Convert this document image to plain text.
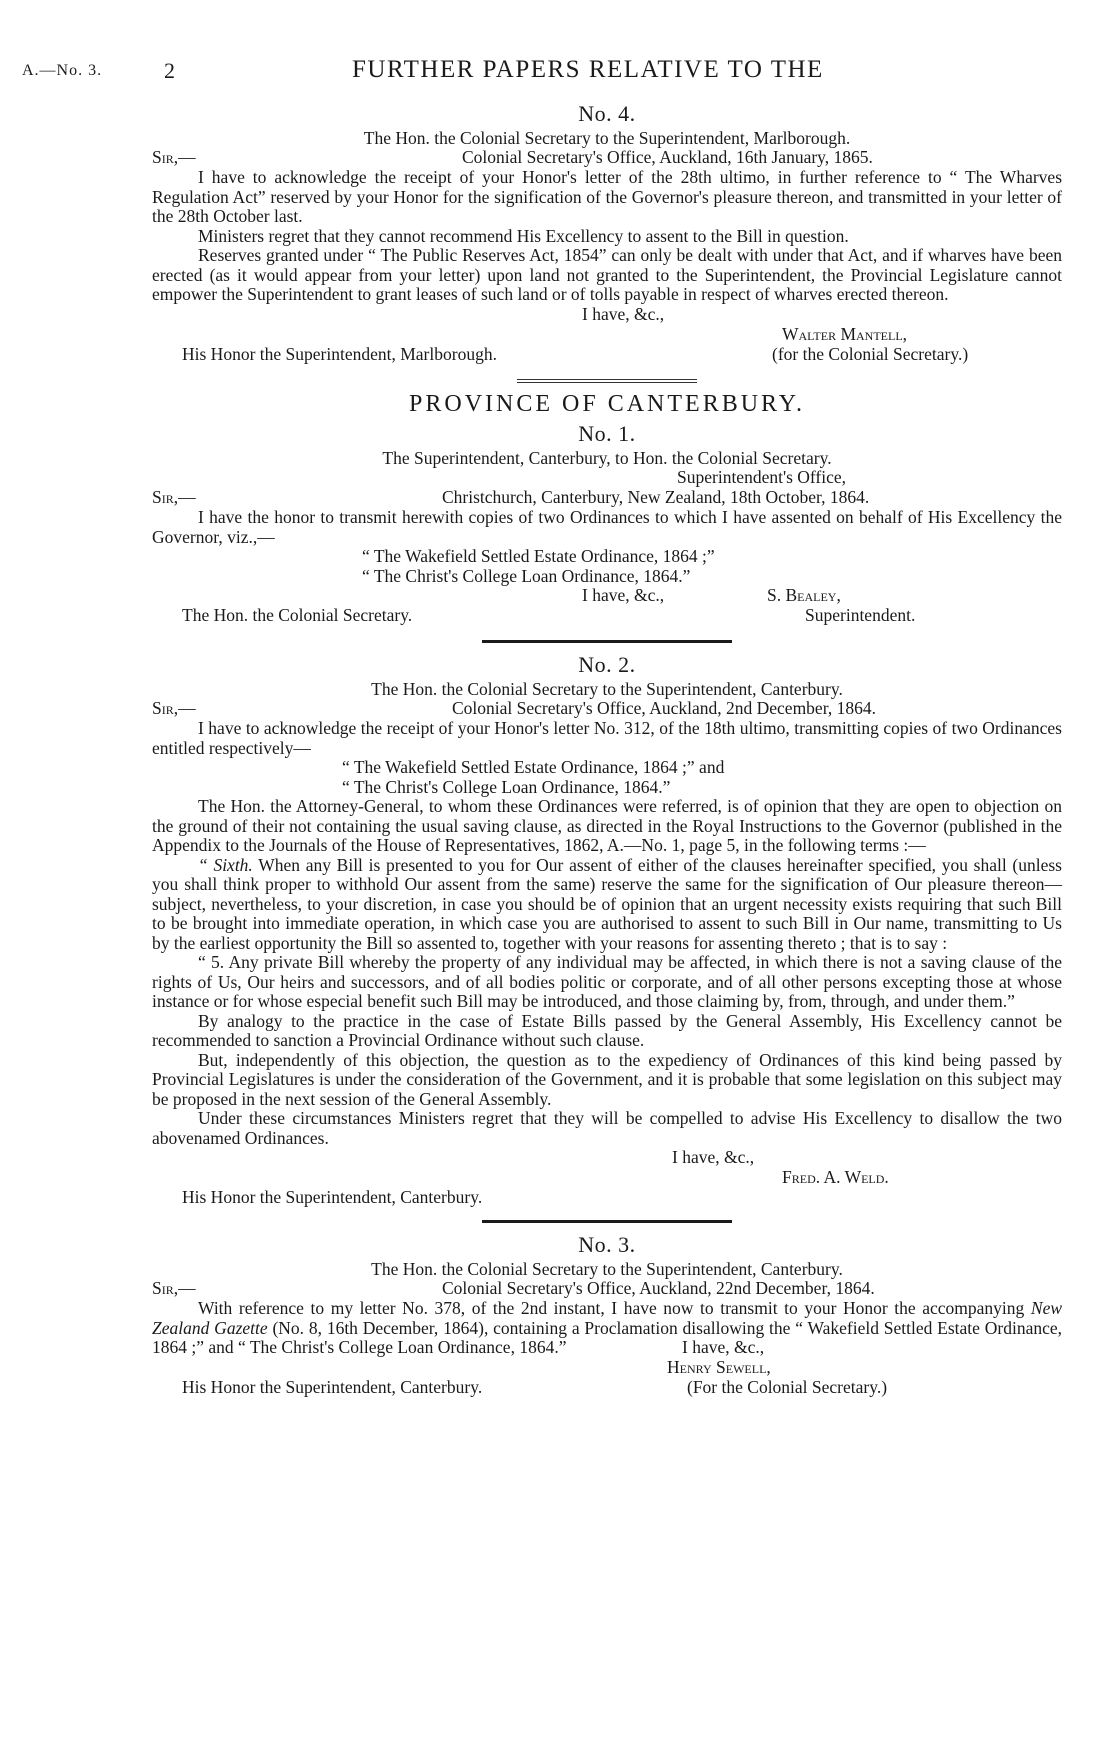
A.—No. 3.	2	FURTHER PAPERS RELATIVE TO THE
No. 4.
The Hon. the Colonial Secretary to the Superintendent, Marlborough.
Sir,—	Colonial Secretary's Office, Auckland, 16th January, 1865.

I have to acknowledge the receipt of your Honor's letter of the 28th ultimo, in further reference to “ The Wharves Regulation Act” reserved by your Honor for the signification of the Governor's pleasure thereon, and transmitted in your letter of the 28th October last.

Ministers regret that they cannot recommend His Excellency to assent to the Bill in question.

Reserves granted under “ The Public Reserves Act, 1854” can only be dealt with under that Act, and if wharves have been erected (as it would appear from your letter) upon land not granted to the Superintendent, the Provincial Legislature cannot empower the Superintendent to grant leases of such land or of tolls payable in respect of wharves erected thereon.

I have, &c.,
Walter Mantell,
His Honor the Superintendent, Marlborough.	(for the Colonial Secretary.)
PROVINCE OF CANTERBURY.
No. 1.
The Superintendent, Canterbury, to Hon. the Colonial Secretary.
Superintendent's Office,
Sir,—	Christchurch, Canterbury, New Zealand, 18th October, 1864.

I have the honor to transmit herewith copies of two Ordinances to which I have assented on behalf of His Excellency the Governor, viz.,—

“ The Wakefield Settled Estate Ordinance, 1864 ;”

“ The Christ's College Loan Ordinance, 1864.”

I have, &c.,	S. Bealey,
The Hon. the Colonial Secretary.	Superintendent.
No. 2.
The Hon. the Colonial Secretary to the Superintendent, Canterbury.
Sir,—	Colonial Secretary's Office, Auckland, 2nd December, 1864.

I have to acknowledge the receipt of your Honor's letter No. 312, of the 18th ultimo, transmitting copies of two Ordinances entitled respectively—

“ The Wakefield Settled Estate Ordinance, 1864 ;” and

“ The Christ's College Loan Ordinance, 1864.”

The Hon. the Attorney-General, to whom these Ordinances were referred, is of opinion that they are open to objection on the ground of their not containing the usual saving clause, as directed in the Royal Instructions to the Governor (published in the Appendix to the Journals of the House of Representatives, 1862, A.—No. 1, page 5, in the following terms :—

“ Sixth. When any Bill is presented to you for Our assent of either of the clauses hereinafter specified, you shall (unless you shall think proper to withhold Our assent from the same) reserve the same for the signification of Our pleasure thereon—subject, nevertheless, to your discretion, in case you should be of opinion that an urgent necessity exists requiring that such Bill to be brought into immediate operation, in which case you are authorised to assent to such Bill in Our name, transmitting to Us by the earliest opportunity the Bill so assented to, together with your reasons for assenting thereto ; that is to say :

“ 5. Any private Bill whereby the property of any individual may be affected, in which there is not a saving clause of the rights of Us, Our heirs and successors, and of all bodies politic or corporate, and of all other persons excepting those at whose instance or for whose especial benefit such Bill may be introduced, and those claiming by, from, through, and under them.”

By analogy to the practice in the case of Estate Bills passed by the General Assembly, His Excellency cannot be recommended to sanction a Provincial Ordinance without such clause.

But, independently of this objection, the question as to the expediency of Ordinances of this kind being passed by Provincial Legislatures is under the consideration of the Government, and it is probable that some legislation on this subject may be proposed in the next session of the General Assembly.

Under these circumstances Ministers regret that they will be compelled to advise His Excellency to disallow the two abovenamed Ordinances.

I have, &c.,
Fred. A. Weld.
His Honor the Superintendent, Canterbury.
No. 3.
The Hon. the Colonial Secretary to the Superintendent, Canterbury.
Sir,—	Colonial Secretary's Office, Auckland, 22nd December, 1864.

With reference to my letter No. 378, of the 2nd instant, I have now to transmit to your Honor the accompanying New Zealand Gazette (No. 8, 16th December, 1864), containing a Proclamation disallowing the “ Wakefield Settled Estate Ordinance, 1864 ;” and “ The Christ's College Loan Ordinance, 1864.”	I have, &c.,
Henry Sewell,
His Honor the Superintendent, Canterbury.	(For the Colonial Secretary.)
